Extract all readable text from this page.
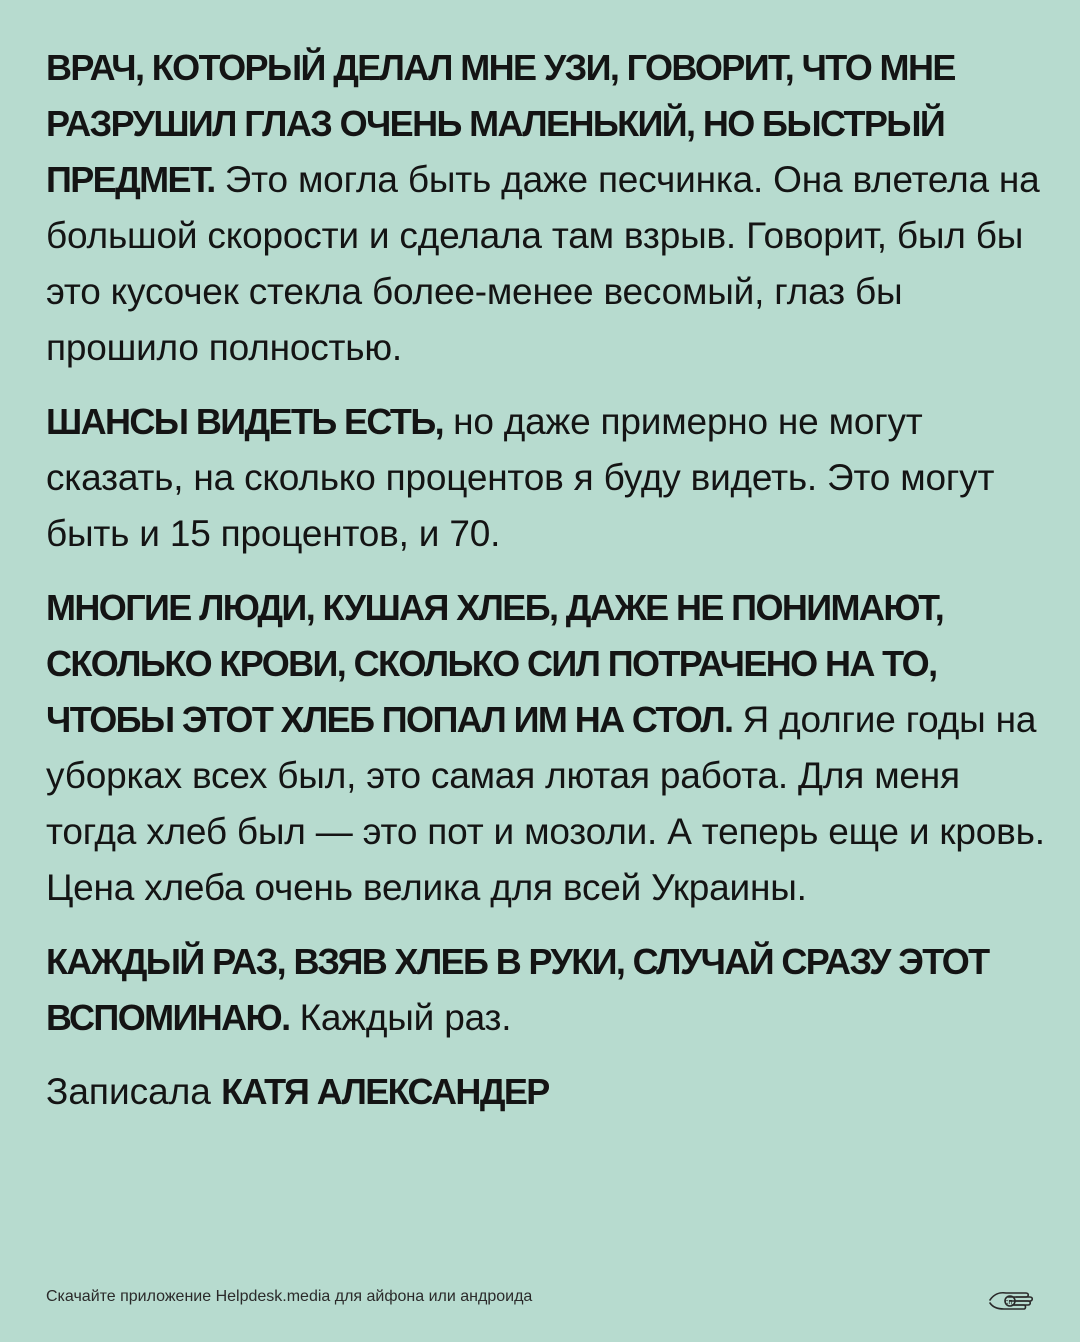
ВРАЧ, КОТОРЫЙ ДЕЛАЛ МНЕ УЗИ, ГОВОРИТ, ЧТО МНЕ РАЗРУШИЛ ГЛАЗ ОЧЕНЬ МАЛЕНЬКИЙ, НО БЫСТРЫЙ ПРЕДМЕТ. Это могла быть даже песчинка. Она влетела на большой скорости и сделала там взрыв. Говорит, был бы это кусочек стекла более-менее весомый, глаз бы прошило полностью.

ШАНСЫ ВИДЕТЬ ЕСТЬ, но даже примерно не могут сказать, на сколько процентов я буду видеть. Это могут быть и 15 процентов, и 70.

МНОГИЕ ЛЮДИ, КУШАЯ ХЛЕБ, ДАЖЕ НЕ ПОНИМАЮТ, СКОЛЬКО КРОВИ, СКОЛЬКО СИЛ ПОТРАЧЕНО НА ТО, ЧТОБЫ ЭТОТ ХЛЕБ ПОПАЛ ИМ НА СТОЛ. Я долгие годы на уборках всех был, это самая лютая работа. Для меня тогда хлеб был — это пот и мозоли. А теперь еще и кровь. Цена хлеба очень велика для всей Украины.

КАЖДЫЙ РАЗ, ВЗЯВ ХЛЕБ В РУКИ, СЛУЧАЙ СРАЗУ ЭТОТ ВСПОМИНАЮ. Каждый раз.

Записала КАТЯ АЛЕКСАНДЕР
Скачайте приложение Helpdesk.media для айфона или андроида	сп
